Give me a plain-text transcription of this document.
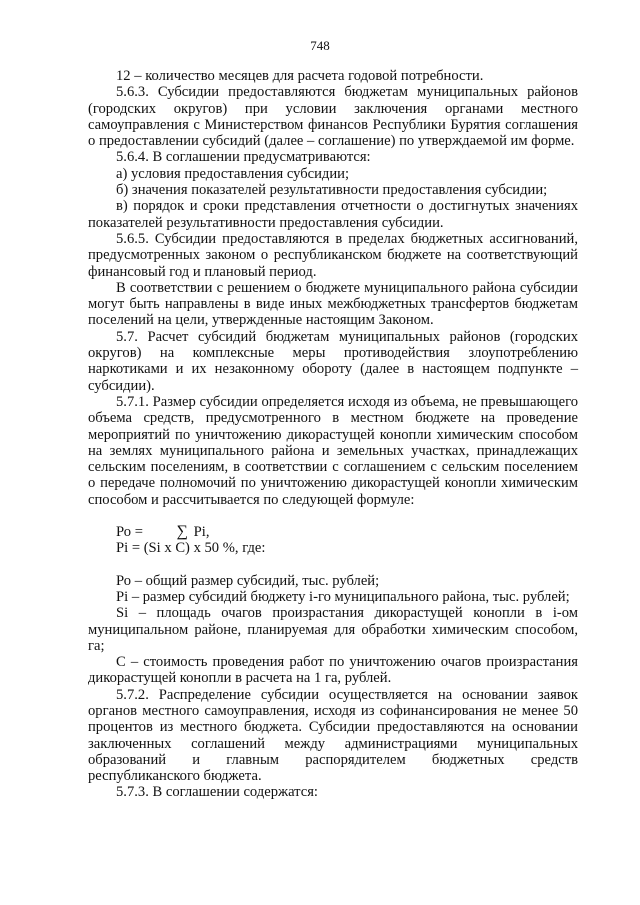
748

12 – количество месяцев для расчета годовой потребности.

5.6.3. Субсидии предоставляются бюджетам муниципальных районов (городских округов) при условии заключения органами местного самоуправления с Министерством финансов Республики Бурятия соглашения о предоставлении субсидий (далее – соглашение) по утверждаемой им форме.

5.6.4. В соглашении предусматриваются:

а) условия предоставления субсидии;

б) значения показателей результативности предоставления субсидии;

в) порядок и сроки представления отчетности о достигнутых значениях показателей результативности предоставления субсидии.

5.6.5. Субсидии предоставляются в пределах бюджетных ассигнований, предусмотренных законом о республиканском бюджете на соответствующий финансовый год и плановый период.

В соответствии с решением о бюджете муниципального района субсидии могут быть направлены в виде иных межбюджетных трансфертов бюджетам поселений на цели, утвержденные настоящим Законом.

5.7. Расчет субсидий бюджетам муниципальных районов (городских округов) на комплексные меры противодействия злоупотреблению наркотиками и их незаконному обороту (далее в настоящем подпункте – субсидии).

5.7.1. Размер субсидии определяется исходя из объема, не превышающего объема средств, предусмотренного в местном бюджете на проведение мероприятий по уничтожению дикорастущей конопли химическим способом на землях муниципального района и земельных участках, принадлежащих сельским поселениям, в соответствии с соглашением с сельским поселением о передаче полномочий по уничтожению дикорастущей конопли химическим способом и рассчитывается по следующей формуле:

Ро = ∑ Pi,

Pi = (Si x C) x 50 %, где:

Ро – общий размер субсидий, тыс. рублей;

Pi – размер субсидий бюджету i-го муниципального района, тыс. рублей;

Si – площадь очагов произрастания дикорастущей конопли в i-ом муниципальном районе, планируемая для обработки химическим способом, га;

С – стоимость проведения работ по уничтожению очагов произрастания дикорастущей конопли в расчета на 1 га, рублей.

5.7.2. Распределение субсидии осуществляется на основании заявок органов местного самоуправления, исходя из софинансирования не менее 50 процентов из местного бюджета. Субсидии предоставляются на основании заключенных соглашений между администрациями муниципальных образований и главным распорядителем бюджетных средств республиканского бюджета.

5.7.3. В соглашении содержатся:
